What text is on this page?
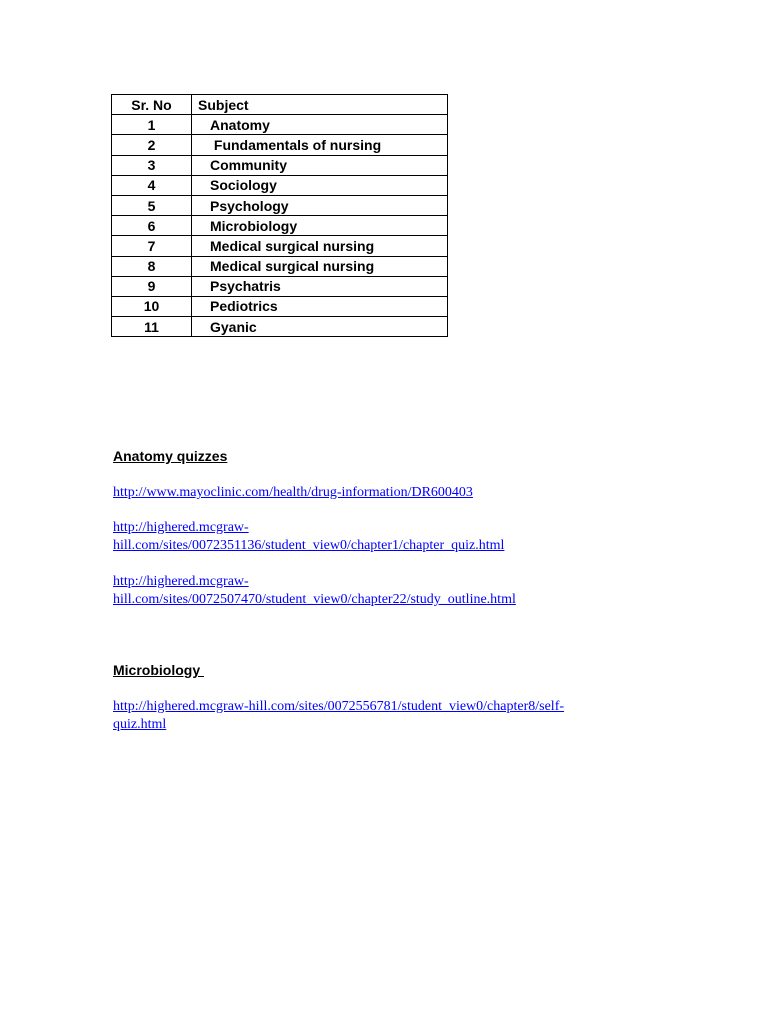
Sr. No	Subject
1	Anatomy
2	Fundamentals of nursing
3	Community
4	Sociology
5	Psychology
6	Microbiology
7	Medical surgical nursing
8	Medical surgical nursing
9	Psychatris
10	Pediotrics
11	Gyanic

Anatomy quizzes

http://www.mayoclinic.com/health/drug-information/DR600403
http://highered.mcgraw-hill.com/sites/0072351136/student_view0/chapter1/chapter_quiz.html
http://highered.mcgraw-hill.com/sites/0072507470/student_view0/chapter22/study_outline.html

Microbiology

http://highered.mcgraw-hill.com/sites/0072556781/student_view0/chapter8/self-quiz.html
